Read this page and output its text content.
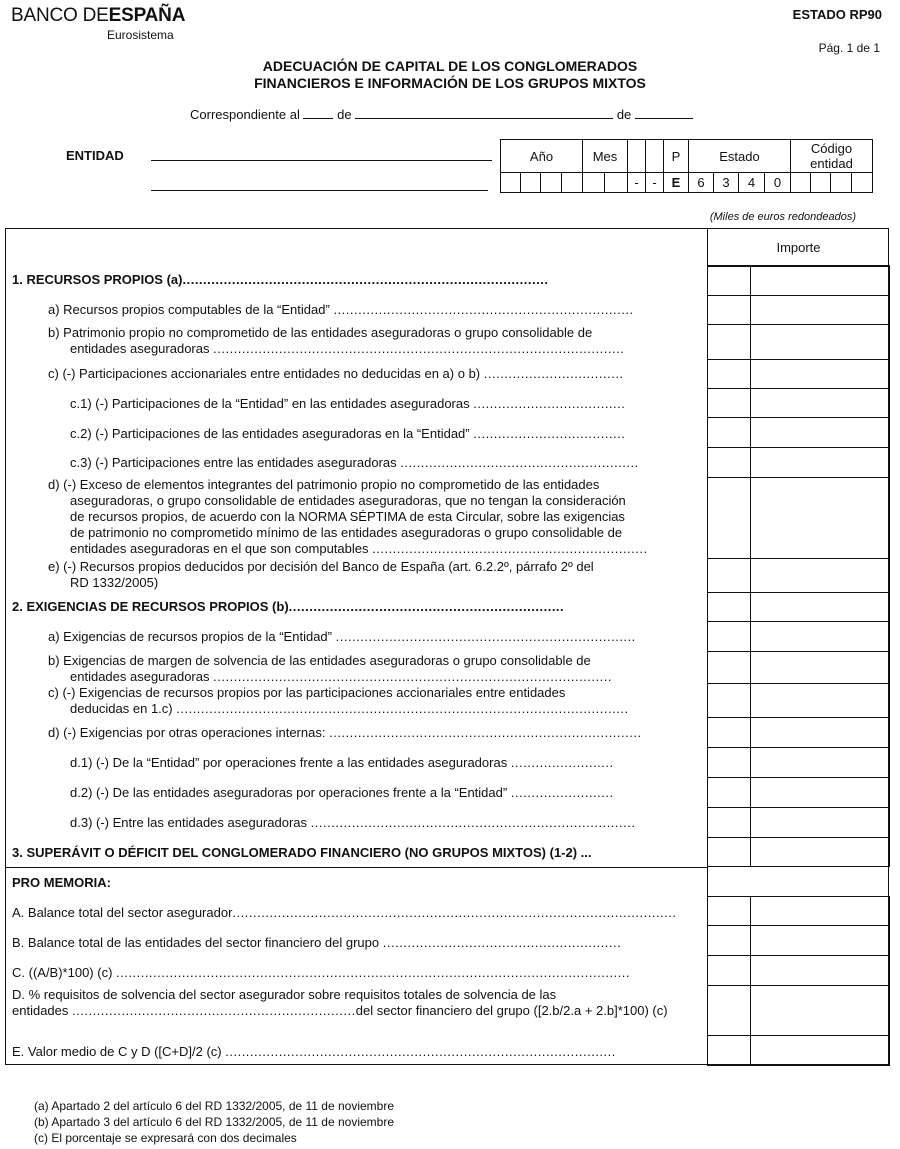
BANCO DEESPAÑA
Eurosistema
ESTADO RP90
Pág. 1 de 1
ADECUACIÓN DE CAPITAL DE LOS CONGLOMERADOS
FINANCIEROS E INFORMACIÓN DE LOS GRUPOS MIXTOS
Correspondiente al	de	de
ENTIDAD	Año				Mes				P	Estado				Código entidad			

						-	-	E	6	3	4	0				
(Miles de euros redondeados)
Importe
1. RECURSOS PROPIOS (a).........................................................................................
a) Recursos propios computables de la “Entidad” .........................................................................
b) Patrimonio propio no comprometido de las entidades aseguradoras o grupo consolidable de
entidades aseguradoras ....................................................................................................
c) (-) Participaciones accionariales entre entidades no deducidas en a) o b) ..................................
c.1) (-) Participaciones de la “Entidad” en las entidades aseguradoras .....................................
c.2) (-) Participaciones de las entidades aseguradoras en la “Entidad” .....................................
c.3) (-) Participaciones entre las entidades aseguradoras ..........................................................
d) (-) Exceso de elementos integrantes del patrimonio propio no comprometido de las entidades
aseguradoras, o grupo consolidable de entidades aseguradoras, que no tengan la consideración
de recursos propios, de acuerdo con la NORMA SÉPTIMA de esta Circular, sobre las exigencias
de patrimonio no comprometido mínimo de las entidades aseguradoras o grupo consolidable de
entidades aseguradoras en el que son computables ...................................................................
e) (-) Recursos propios deducidos por decisión del Banco de España (art. 6.2.2º, párrafo 2º del
RD 1332/2005)
2. EXIGENCIAS DE RECURSOS PROPIOS (b)...................................................................
a) Exigencias de recursos propios de la “Entidad” .........................................................................
b) Exigencias de margen de solvencia de las entidades aseguradoras o grupo consolidable de
entidades aseguradoras .................................................................................................
c) (-) Exigencias de recursos propios por las participaciones accionariales entre entidades
deducidas en 1.c) ..............................................................................................................
d) (-) Exigencias por otras operaciones internas: ............................................................................
d.1) (-) De la “Entidad” por operaciones frente a las entidades aseguradoras .........................
d.2) (-) De las entidades aseguradoras por operaciones frente a la “Entidad” .........................
d.3) (-) Entre las entidades aseguradoras ...............................................................................
3. SUPERÁVIT O DÉFICIT DEL CONGLOMERADO FINANCIERO (NO GRUPOS MIXTOS) (1-2) ...
PRO MEMORIA:
A. Balance total del sector asegurador............................................................................................................
B. Balance total de las entidades del sector financiero del grupo ..........................................................
C. ((A/B)*100) (c) .............................................................................................................................
D. % requisitos de solvencia del sector asegurador sobre requisitos totales de solvencia de las
entidades .....................................................................del sector financiero del grupo ([2.b/2.a + 2.b]*100) (c)
E. Valor medio de C y D ([C+D]/2 (c) ...............................................................................................
(a) Apartado 2 del artículo 6 del RD 1332/2005, de 11 de noviembre
(b) Apartado 3 del artículo 6 del RD 1332/2005, de 11 de noviembre
(c) El porcentaje se expresará con dos decimales
